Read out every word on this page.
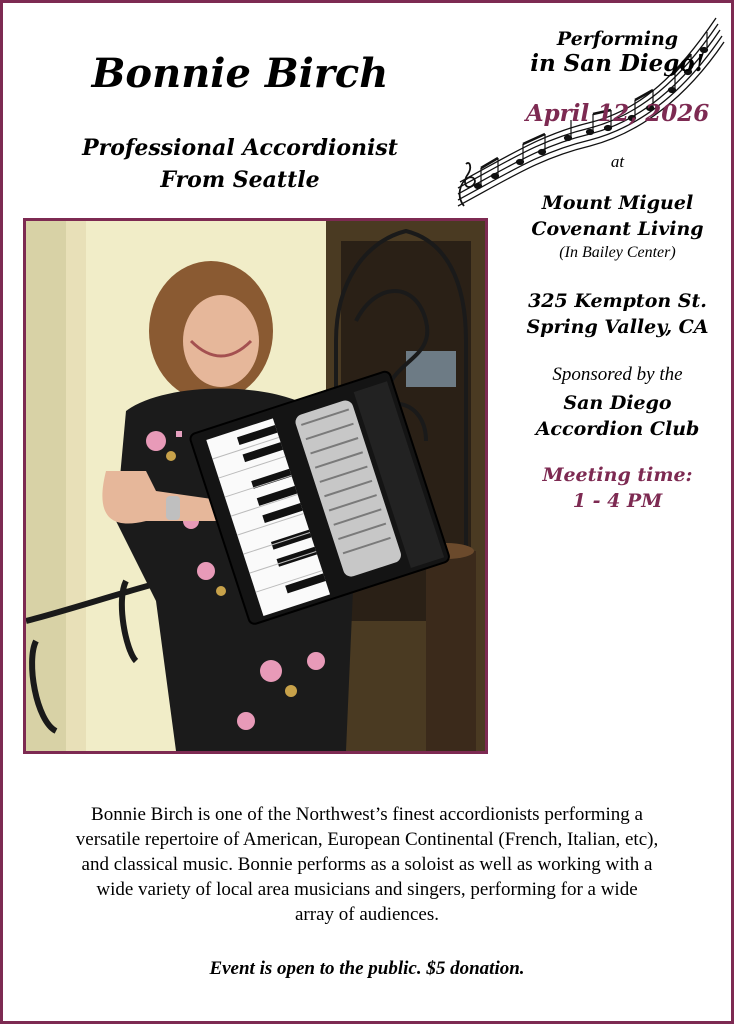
Bonnie Birch
Professional Accordionist
From Seattle
Performing
in San Diego!
April 12, 2026
at
Mount Miguel
Covenant Living
(In Bailey Center)
325 Kempton St.
Spring Valley, CA
Sponsored by the
San Diego
Accordion Club
Meeting time:
1 - 4 PM
Bonnie Birch is one of the Northwest’s finest accordionists performing a
versatile repertoire of American, European Continental (French, Italian, etc),
and classical music. Bonnie performs as a soloist as well as working with a
wide variety of local area musicians and singers, performing for a wide
array of audiences.
Event is open to the public. $5 donation.
